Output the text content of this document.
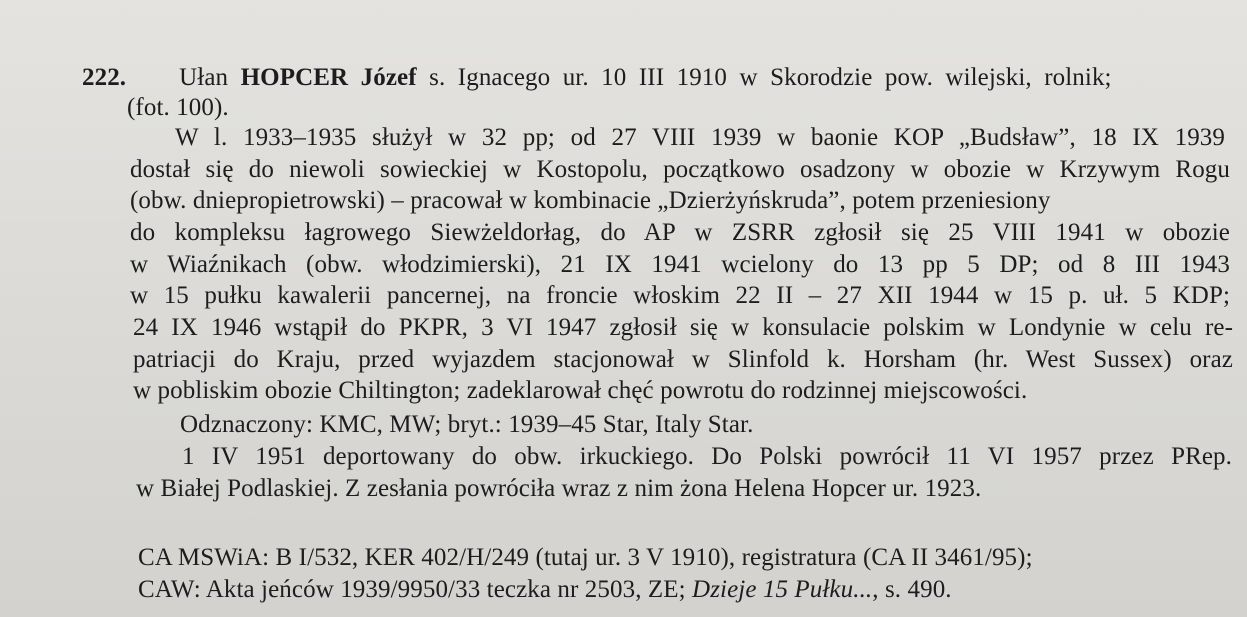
222. Ułan HOPCER Józef s. Ignacego ur. 10 III 1910 w Skorodzie pow. wilejski, rolnik;
(fot. 100).
W l. 1933–1935 służył w 32 pp; od 27 VIII 1939 w baonie KOP „Budsław”, 18 IX 1939
dostał się do niewoli sowieckiej w Kostopolu, początkowo osadzony w obozie w Krzywym Rogu
(obw. dniepropietrowski) – pracował w kombinacie „Dzierżyńskruda”, potem przeniesiony
do kompleksu łagrowego Siewżeldorłag, do AP w ZSRR zgłosił się 25 VIII 1941 w obozie
w Wiaźnikach (obw. włodzimierski), 21 IX 1941 wcielony do 13 pp 5 DP; od 8 III 1943
w 15 pułku kawalerii pancernej, na froncie włoskim 22 II – 27 XII 1944 w 15 p. uł. 5 KDP;
24 IX 1946 wstąpił do PKPR, 3 VI 1947 zgłosił się w konsulacie polskim w Londynie w celu re-
patriacji do Kraju, przed wyjazdem stacjonował w Slinfold k. Horsham (hr. West Sussex) oraz
w pobliskim obozie Chiltington; zadeklarował chęć powrotu do rodzinnej miejscowości.
Odznaczony: KMC, MW; bryt.: 1939–45 Star, Italy Star.
1 IV 1951 deportowany do obw. irkuckiego. Do Polski powrócił 11 VI 1957 przez PRep.
w Białej Podlaskiej. Z zesłania powróciła wraz z nim żona Helena Hopcer ur. 1923.
CA MSWiA: B I/532, KER 402/H/249 (tutaj ur. 3 V 1910), registratura (CA II 3461/95);
CAW: Akta jeńców 1939/9950/33 teczka nr 2503, ZE; Dzieje 15 Pułku..., s. 490.
